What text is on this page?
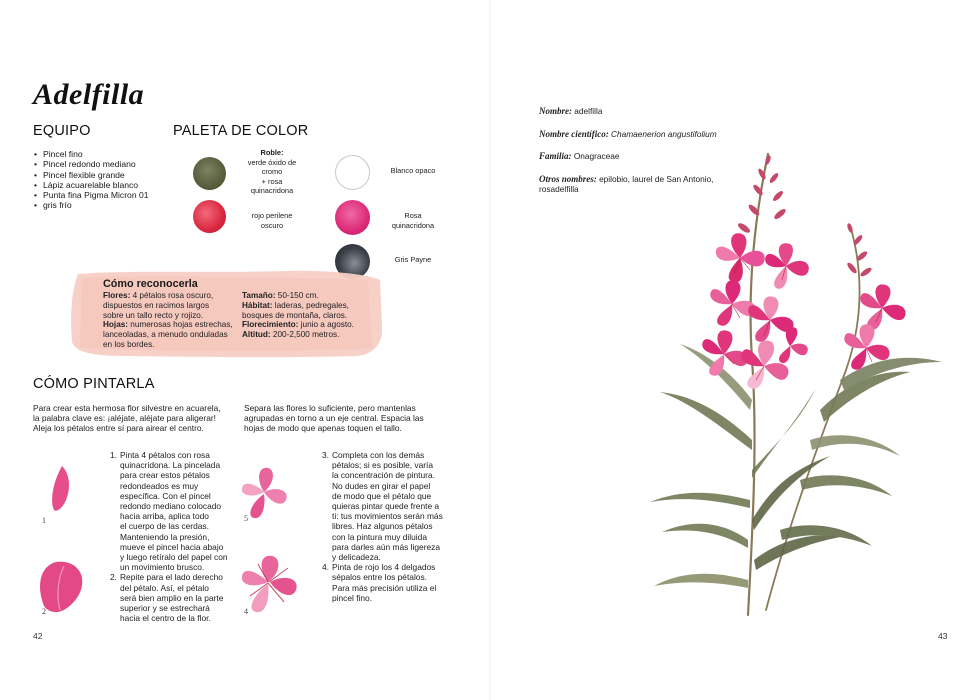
Adelfilla
EQUIPO
• Pincel fino
• Pincel redondo mediano
• Pincel flexible grande
• Lápiz acuarelable blanco
• Punta fina Pigma Micron 01
• gris frío
PALETA DE COLOR
Roble:
verde óxido de
cromo
+ rosa
quinacridona
rojo perilene
oscuro
Blanco opaco
Rosa
quinacridona
Gris Payne
Cómo reconocerla
Flores: 4 pétalos rosa oscuro,
dispuestos en racimos largos
sobre un tallo recto y rojizo.
Hojas: numerosas hojas estrechas,
lanceoladas, a menudo onduladas
en los bordes.
Tamaño: 50-150 cm.
Hábitat: laderas, pedregales,
bosques de montaña, claros.
Florecimiento: junio a agosto.
Altitud: 200-2,500 metros.
CÓMO PINTARLA
Para crear esta hermosa flor silvestre en acuarela,
la palabra clave es: ¡aléjate, aléjate para aligerar!
Aleja los pétalos entre sí para airear el centro.
Separa las flores lo suficiente, pero mantenlas
agrupadas en torno a un eje central. Espacia las
hojas de modo que apenas toquen el tallo.
1
2
5
4
1. Pinta 4 pétalos con rosa
quinacridona. La pincelada
para crear estos pétalos
redondeados es muy
específica. Con el pincel
redondo mediano colocado
hacia arriba, aplica todo
el cuerpo de las cerdas.
Manteniendo la presión,
mueve el pincel hacia abajo
y luego retíralo del papel con
un movimiento brusco.
2. Repite para el lado derecho
del pétalo. Así, el pétalo
será bien amplio en la parte
superior y se estrechará
hacia el centro de la flor.
3. Completa con los demás
pétalos; si es posible, varía
la concentración de pintura.
No dudes en girar el papel
de modo que el pétalo que
quieras pintar quede frente a
ti: tus movimientos serán más
libres. Haz algunos pétalos
con la pintura muy diluida
para darles aún más ligereza
y delicadeza.
4. Pinta de rojo los 4 delgados
sépalos entre los pétalos.
Para más precisión utiliza el
pincel fino.
42
Nombre: adelfilla
Nombre científico: Chamaenerion angustifolium
Familia: Onagraceae
Otros nombres: epilobio, laurel de San Antonio,
rosadelfilla
43
